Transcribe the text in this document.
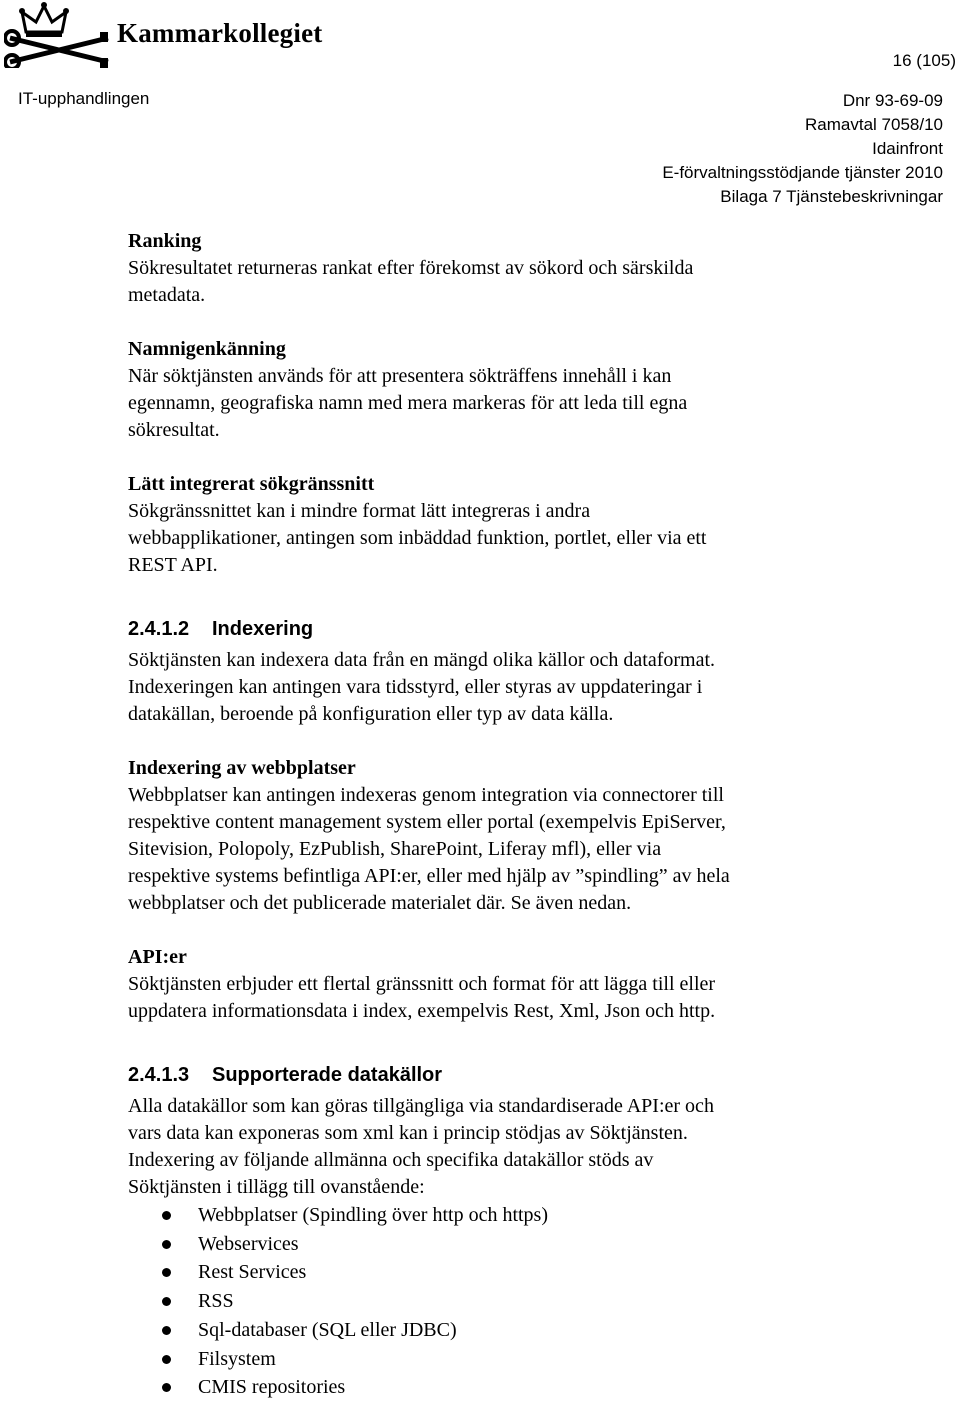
Kammarkollegiet
16 (105)
IT-upphandlingen	Dnr 93-69-09
Ramavtal 7058/10
Idainfront
E-förvaltningsstödjande tjänster 2010
Bilaga 7 Tjänstebeskrivningar

Ranking
Sökresultatet returneras rankat efter förekomst av sökord och särskilda
metadata.

Namnigenkänning
När söktjänsten används för att presentera sökträffens innehåll i kan
egennamn, geografiska namn med mera markeras för att leda till egna
sökresultat.

Lätt integrerat sökgränssnitt
Sökgränssnittet kan i mindre format lätt integreras i andra
webbapplikationer, antingen som inbäddad funktion, portlet, eller via ett
REST API.

2.4.1.2 Indexering

Söktjänsten kan indexera data från en mängd olika källor och dataformat.
Indexeringen kan antingen vara tidsstyrd, eller styras av uppdateringar i
datakällan, beroende på konfiguration eller typ av data källa.

Indexering av webbplatser
Webbplatser kan antingen indexeras genom integration via connectorer till
respektive content management system eller portal (exempelvis EpiServer,
Sitevision, Polopoly, EzPublish, SharePoint, Liferay mfl), eller via
respektive systems befintliga API:er, eller med hjälp av ”spindling” av hela
webbplatser och det publicerade materialet där. Se även nedan.

API:er
Söktjänsten erbjuder ett flertal gränssnitt och format för att lägga till eller
uppdatera informationsdata i index, exempelvis Rest, Xml, Json och http.

2.4.1.3 Supporterade datakällor

Alla datakällor som kan göras tillgängliga via standardiserade API:er och
vars data kan exponeras som xml kan i princip stödjas av Söktjänsten.
Indexering av följande allmänna och specifika datakällor stöds av
Söktjänsten i tillägg till ovanstående:

Webbplatser (Spindling över http och https)
Webservices
Rest Services
RSS
Sql-databaser (SQL eller JDBC)
Filsystem
CMIS repositories
